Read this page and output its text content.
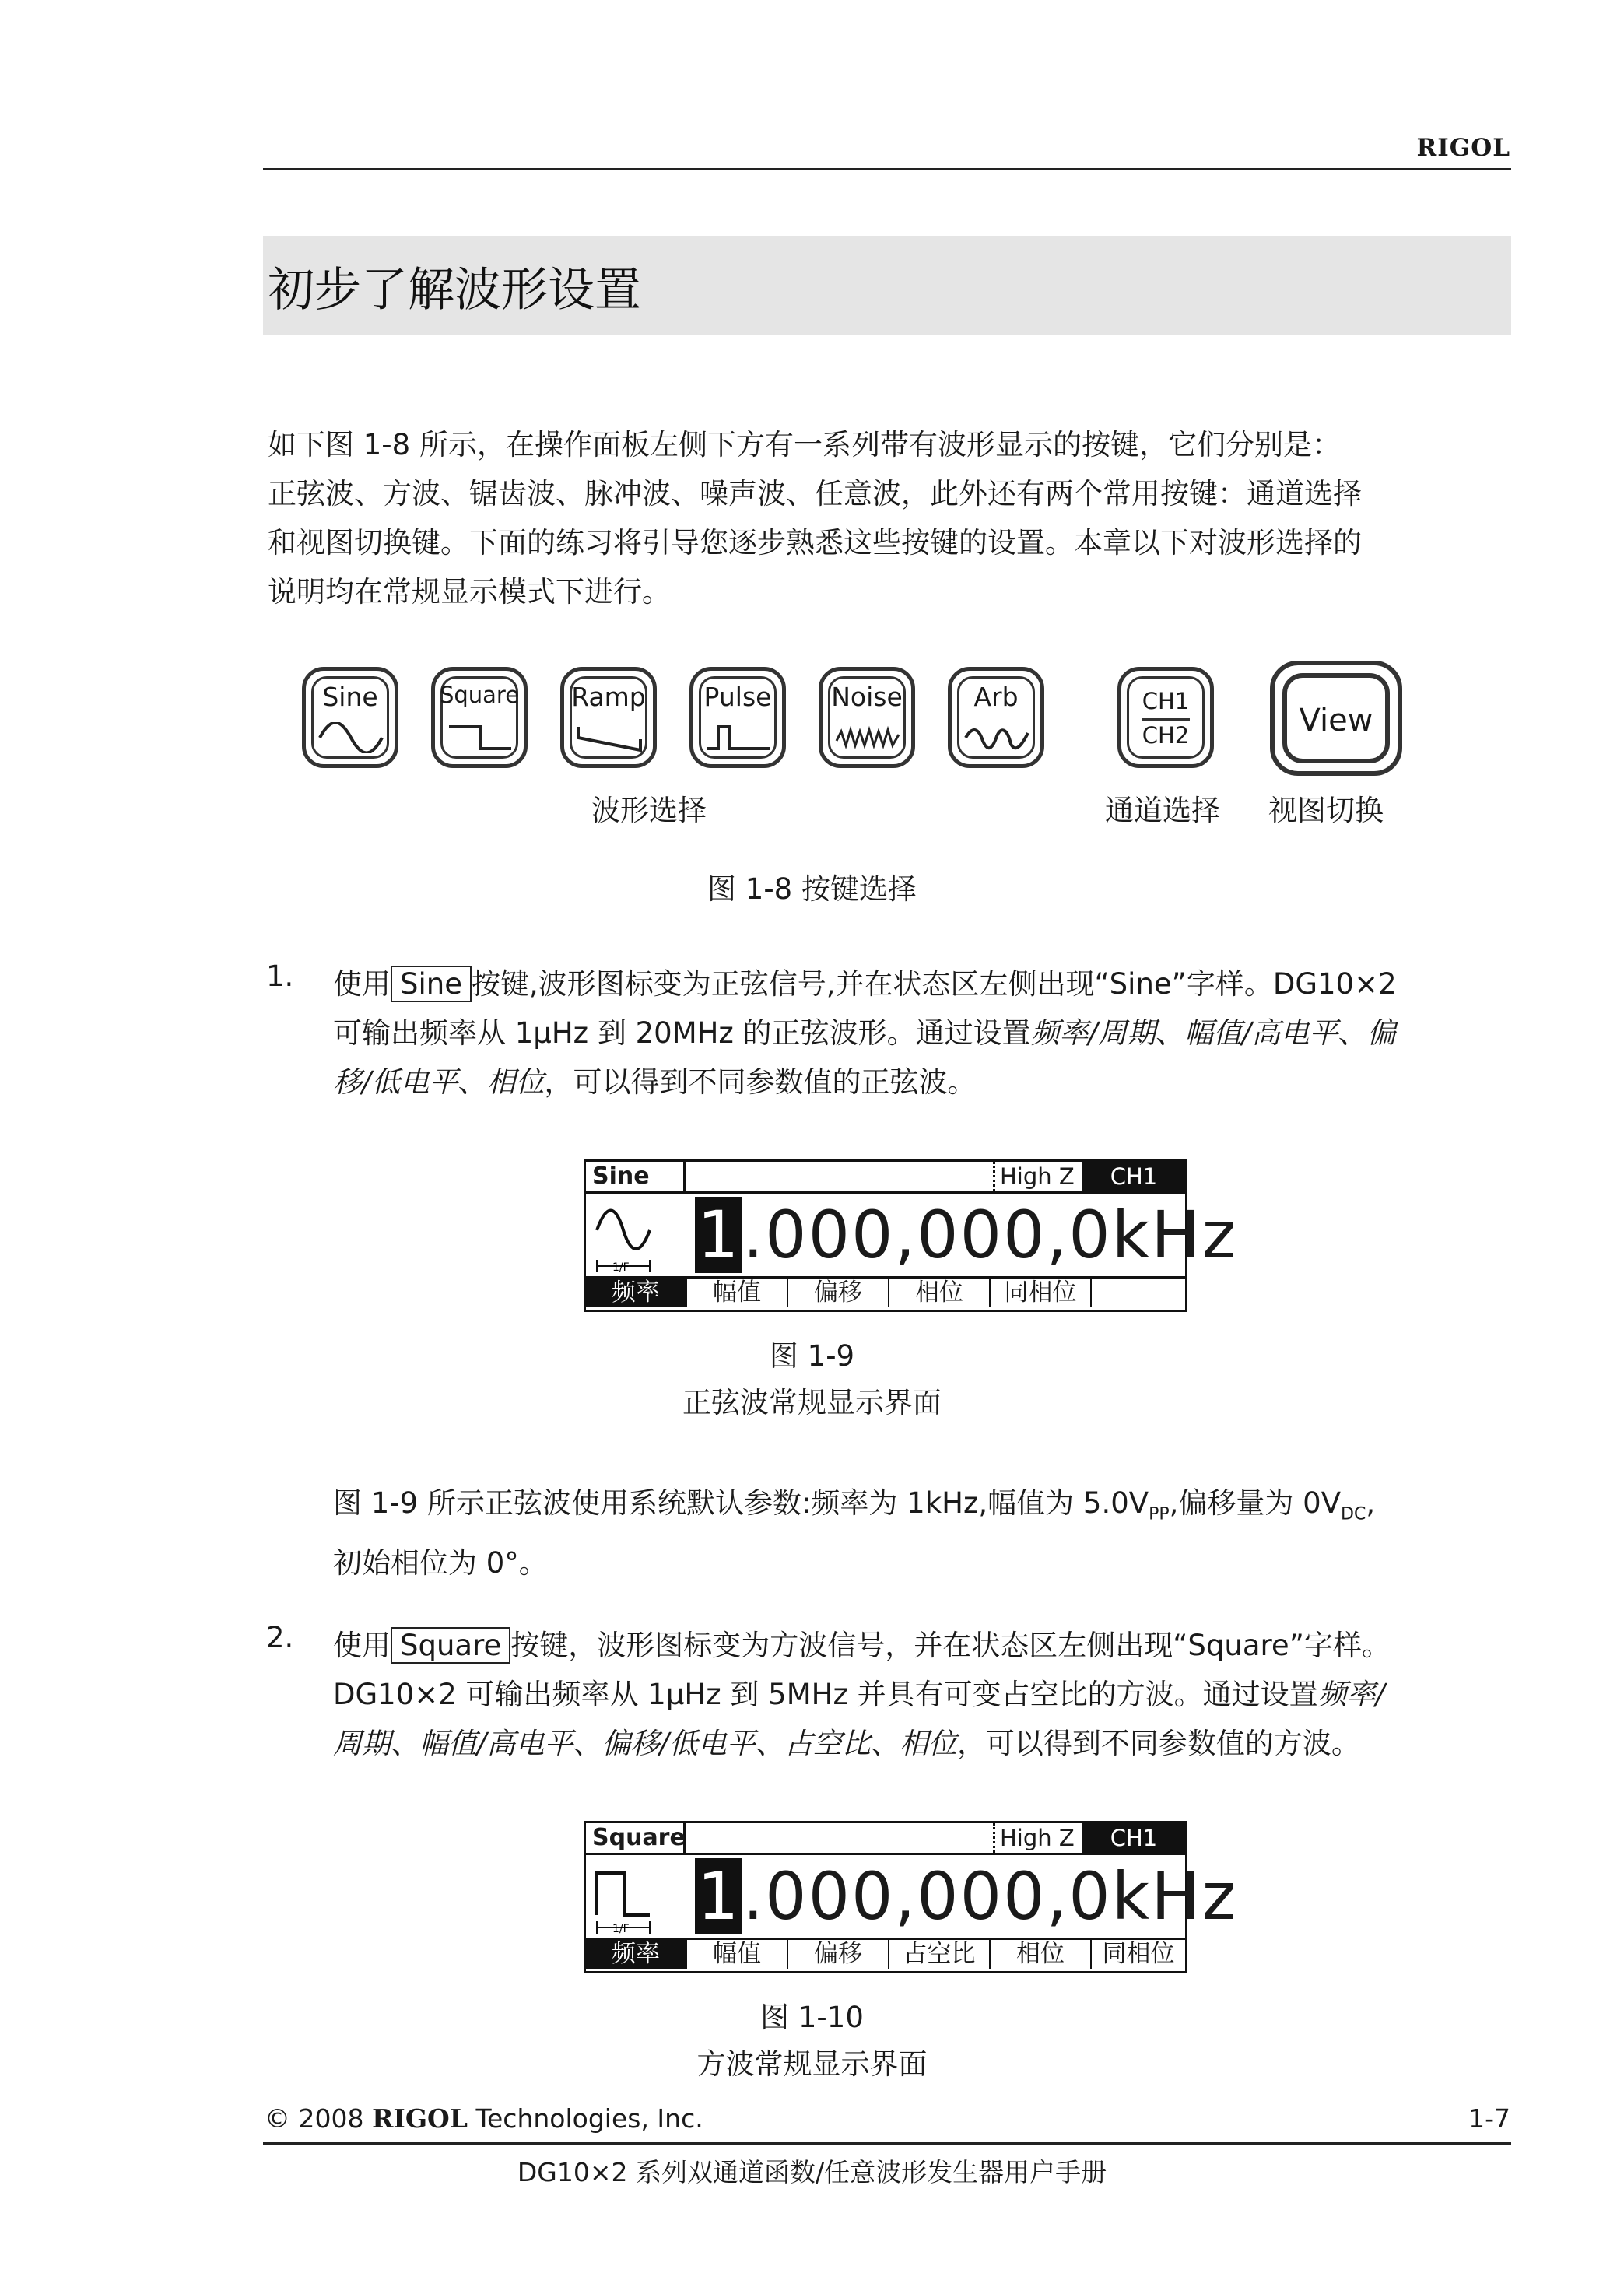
RIGOL
初步了解波形设置
如下图 1-8 所示，在操作面板左侧下方有一系列带有波形显示的按键，它们分别是：
正弦波、方波、锯齿波、脉冲波、噪声波、任意波，此外还有两个常用按键：通道选择
和视图切换键。下面的练习将引导您逐步熟悉这些按键的设置。本章以下对波形选择的
说明均在常规显示模式下进行。
Sine	Square Ramp	Pulse	Noise	Arb	CH1
CH2	View
波形选择	通道选择 视图切换
图 1-8 按键选择
1. 使用 Sine 按键,波形图标变为正弦信号,并在状态区左侧出现“Sine”字样。DG10×2
可输出频率从 1μHz 到 20MHz 的正弦波形。通过设置频率/周期、幅值/高电平、偏
移/低电平、相位，可以得到不同参数值的正弦波。
Sine	High Z	CH1
1/F 1.000,000,0kHz
频率	幅值	偏移	相位	同相位
图 1-9
正弦波常规显示界面
图 1-9 所示正弦波使用系统默认参数:频率为 1kHz,幅值为 $5.0V_{PP}$,偏移量为 $0V_{DC}$,
初始相位为 0°。
2. 使用 Square 按键，波形图标变为方波信号，并在状态区左侧出现“Square”字样。
DG10×2 可输出频率从 1μHz 到 5MHz 并具有可变占空比的方波。通过设置频率/
周期、幅值/高电平、偏移/低电平、占空比、相位，可以得到不同参数值的方波。
Square	High Z	CH1
1/F 1.000,000,0kHz
频率	幅值	偏移	占空比	相位	同相位
图 1-10
方波常规显示界面
© 2008 RIGOL Technologies, Inc.	1-7
DG10×2 系列双通道函数/任意波形发生器用户手册
